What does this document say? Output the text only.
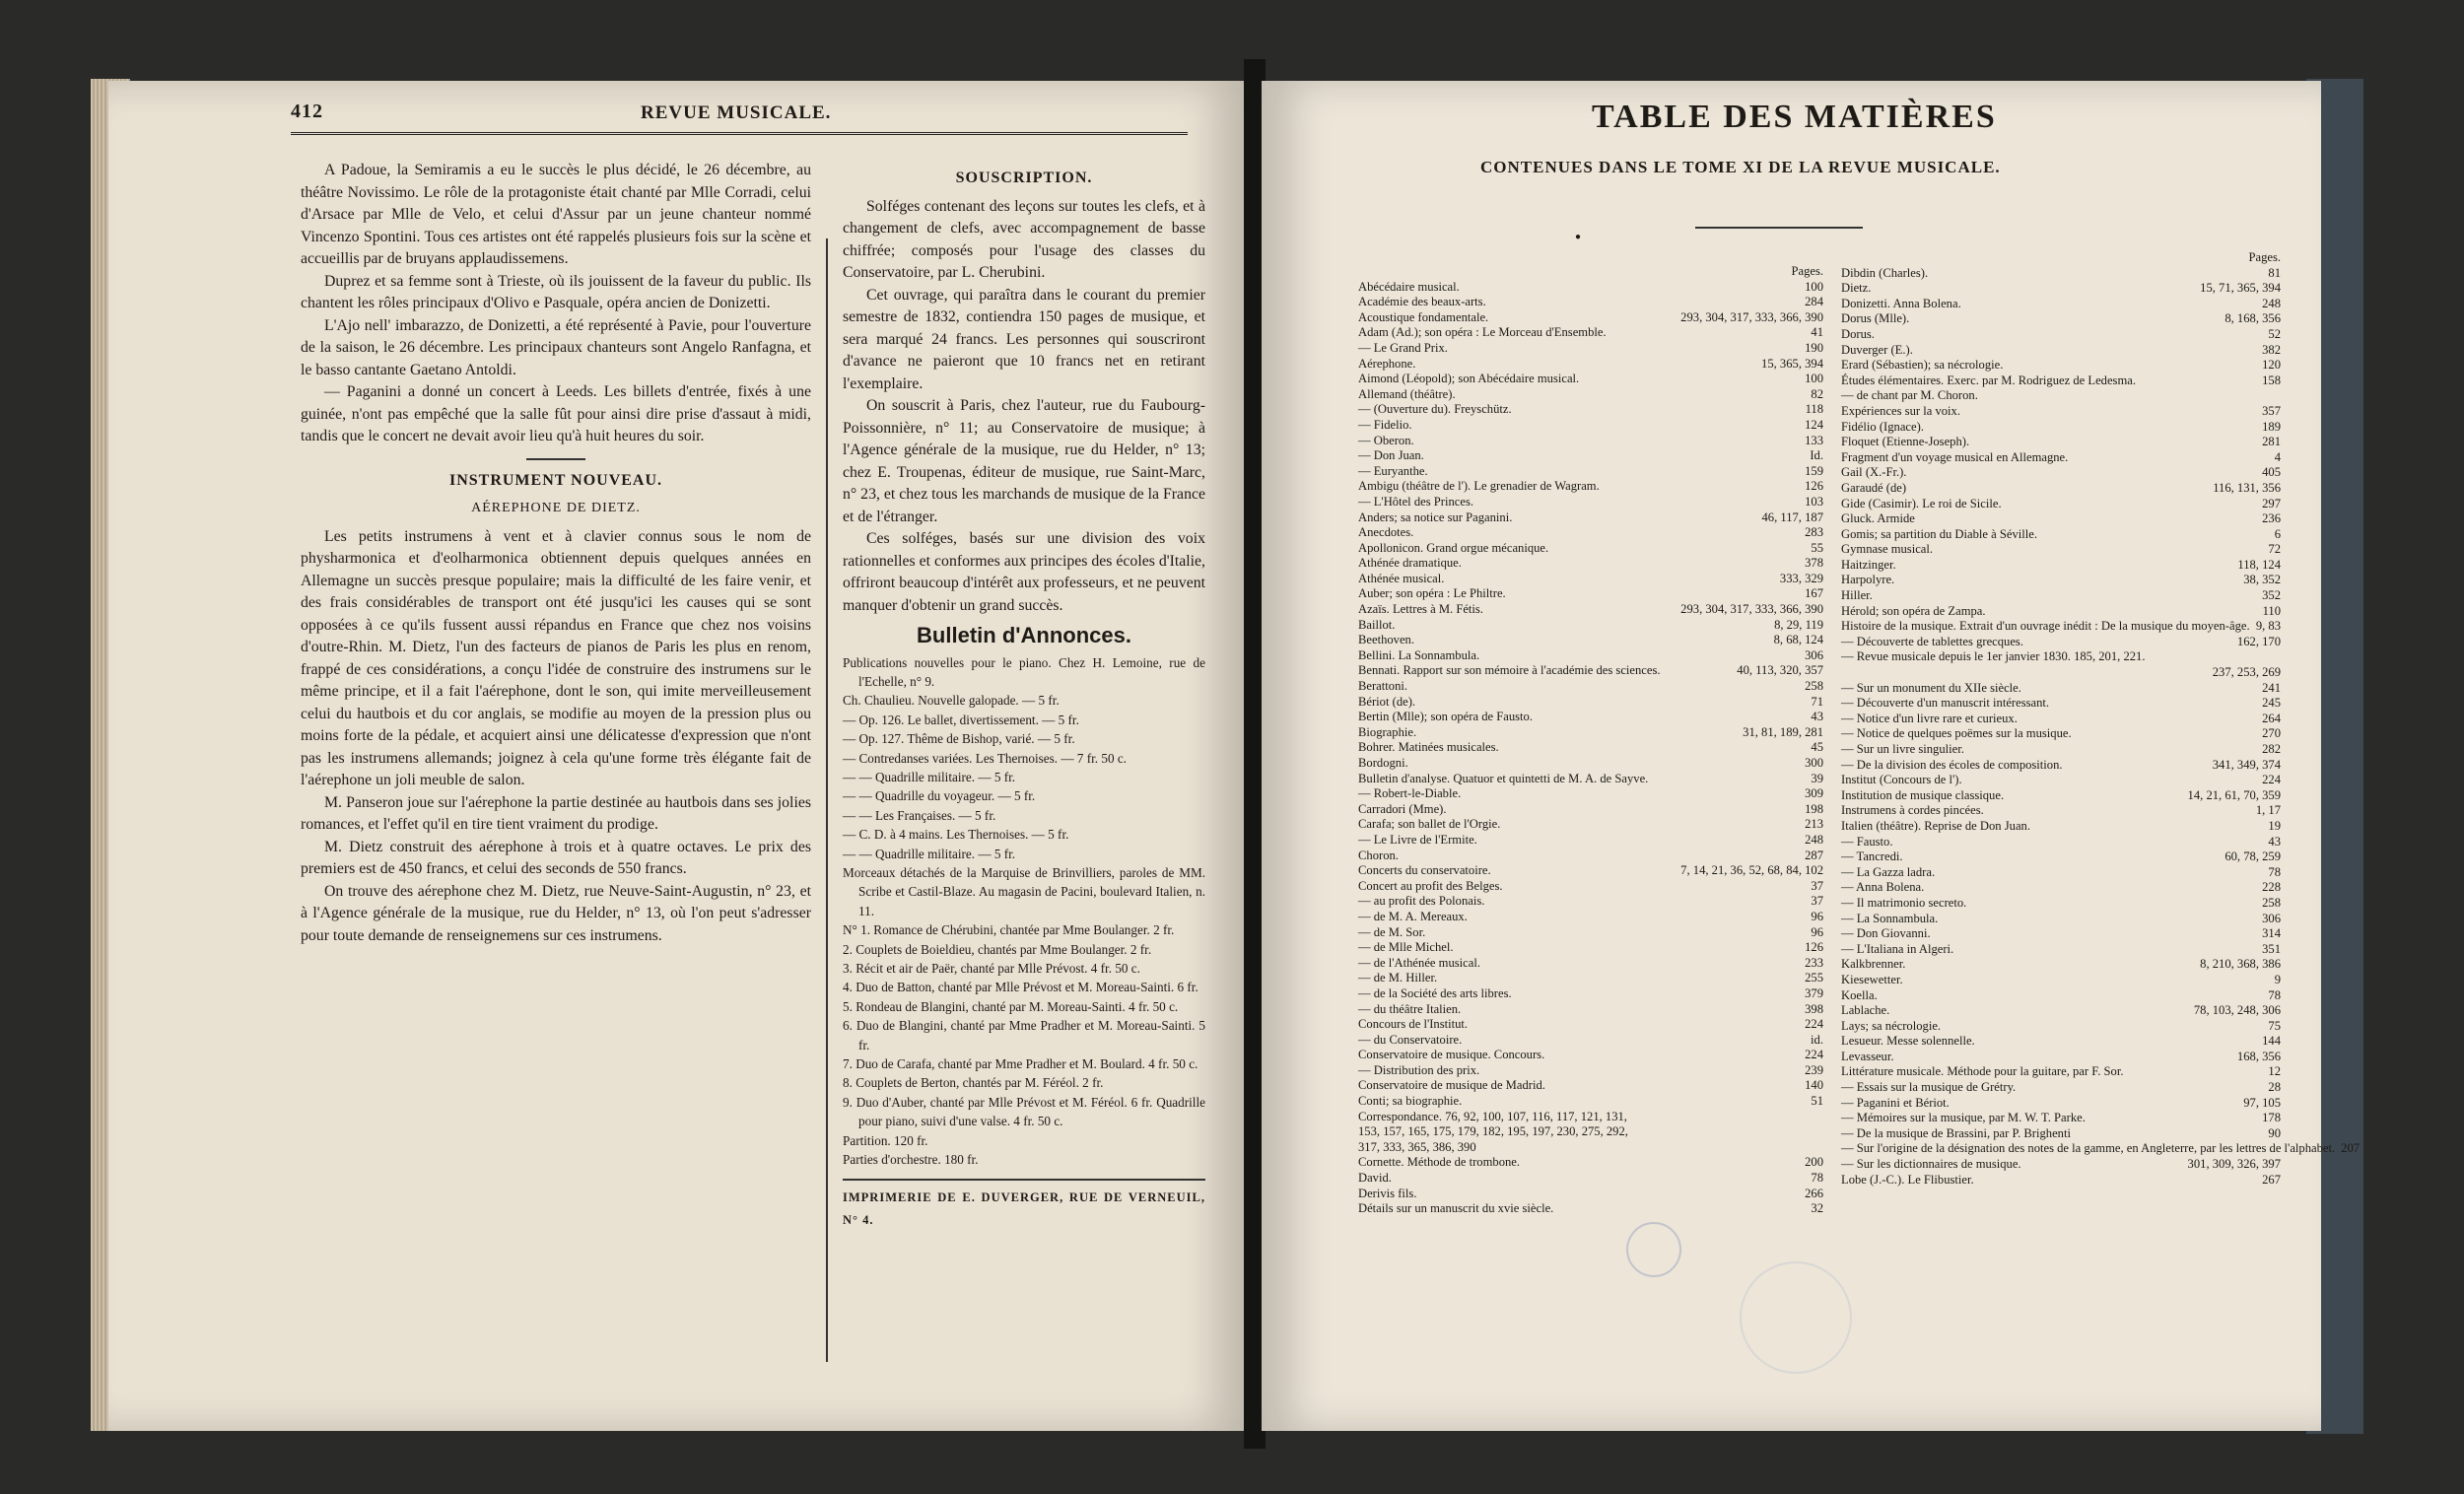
412	REVUE MUSICALE.

A Padoue, la Semiramis a eu le succès le plus décidé, le 26 décembre, au théâtre Novissimo. Le rôle de la protagoniste était chanté par Mlle Corradi, celui d'Arsace par Mlle de Velo, et celui d'Assur par un jeune chanteur nommé Vincenzo Spontini. Tous ces artistes ont été rappelés plusieurs fois sur la scène et accueillis par de bruyans applaudissemens.

Duprez et sa femme sont à Trieste, où ils jouissent de la faveur du public. Ils chantent les rôles principaux d'Olivo e Pasquale, opéra ancien de Donizetti.

L'Ajo nell' imbarazzo, de Donizetti, a été représenté à Pavie, pour l'ouverture de la saison, le 26 décembre. Les principaux chanteurs sont Angelo Ranfagna, et le basso cantante Gaetano Antoldi.

— Paganini a donné un concert à Leeds. Les billets d'entrée, fixés à une guinée, n'ont pas empêché que la salle fût pour ainsi dire prise d'assaut à midi, tandis que le concert ne devait avoir lieu qu'à huit heures du soir.

INSTRUMENT NOUVEAU.
AÉREPHONE DE DIETZ.

Les petits instrumens à vent et à clavier connus sous le nom de physharmonica et d'eolharmonica obtiennent depuis quelques années en Allemagne un succès presque populaire; mais la difficulté de les faire venir, et des frais considérables de transport ont été jusqu'ici les causes qui se sont opposées à ce qu'ils fussent aussi répandus en France que chez nos voisins d'outre-Rhin. M. Dietz, l'un des facteurs de pianos de Paris les plus en renom, frappé de ces considérations, a conçu l'idée de construire des instrumens sur le même principe, et il a fait l'aérephone, dont le son, qui imite merveilleusement celui du hautbois et du cor anglais, se modifie au moyen de la pression plus ou moins forte de la pédale, et acquiert ainsi une délicatesse d'expression que n'ont pas les instrumens allemands; joignez à cela qu'une forme très élégante fait de l'aérephone un joli meuble de salon.

M. Panseron joue sur l'aérephone la partie destinée au hautbois dans ses jolies romances, et l'effet qu'il en tire tient vraiment du prodige.

M. Dietz construit des aérephone à trois et à quatre octaves. Le prix des premiers est de 450 francs, et celui des seconds de 550 francs.

On trouve des aérephone chez M. Dietz, rue Neuve-Saint-Augustin, n° 23, et à l'Agence générale de la musique, rue du Helder, n° 13, où l'on peut s'adresser pour toute demande de renseignemens sur ces instrumens.

SOUSCRIPTION.

Solféges contenant des leçons sur toutes les clefs, et à changement de clefs, avec accompagnement de basse chiffrée; composés pour l'usage des classes du Conservatoire, par L. Cherubini.

Cet ouvrage, qui paraîtra dans le courant du premier semestre de 1832, contiendra 150 pages de musique, et sera marqué 24 francs. Les personnes qui souscriront d'avance ne paieront que 10 francs net en retirant l'exemplaire.

On souscrit à Paris, chez l'auteur, rue du Faubourg-Poissonnière, n° 11; au Conservatoire de musique; à l'Agence générale de la musique, rue du Helder, n° 13; chez E. Troupenas, éditeur de musique, rue Saint-Marc, n° 23, et chez tous les marchands de musique de la France et de l'étranger.

Ces solféges, basés sur une division des voix rationnelles et conformes aux principes des écoles d'Italie, offriront beaucoup d'intérêt aux professeurs, et ne peuvent manquer d'obtenir un grand succès.

Bulletin d'Annonces.
Publications nouvelles pour le piano. Chez H. Lemoine, rue de l'Echelle, n° 9.
Ch. Chaulieu. Nouvelle galopade. — 5 fr.
— Op. 126. Le ballet, divertissement. — 5 fr.
— Op. 127. Thême de Bishop, varié. — 5 fr.
— Contredanses variées. Les Thernoises. — 7 fr. 50 c.
— — Quadrille militaire. — 5 fr.
— — Quadrille du voyageur. — 5 fr.
— — Les Françaises. — 5 fr.
— C. D. à 4 mains. Les Thernoises. — 5 fr.
— — Quadrille militaire. — 5 fr.
Morceaux détachés de la Marquise de Brinvilliers, paroles de MM. Scribe et Castil-Blaze. Au magasin de Pacini, boulevard Italien, n. 11.
N° 1. Romance de Chérubini, chantée par Mme Boulanger. 2 fr.
2. Couplets de Boieldieu, chantés par Mme Boulanger. 2 fr.
3. Récit et air de Paër, chanté par Mlle Prévost. 4 fr. 50 c.
4. Duo de Batton, chanté par Mlle Prévost et M. Moreau-Sainti. 6 fr.
5. Rondeau de Blangini, chanté par M. Moreau-Sainti. 4 fr. 50 c.
6. Duo de Blangini, chanté par Mme Pradher et M. Moreau-Sainti. 5 fr.
7. Duo de Carafa, chanté par Mme Pradher et M. Boulard. 4 fr. 50 c.
8. Couplets de Berton, chantés par M. Féréol. 2 fr.
9. Duo d'Auber, chanté par Mlle Prévost et M. Féréol. 6 fr. Quadrille pour piano, suivi d'une valse. 4 fr. 50 c.
Partition. 120 fr.
Parties d'orchestre. 180 fr.
IMPRIMERIE DE E. DUVERGER, RUE DE VERNEUIL, N° 4.
TABLE DES MATIÈRES
CONTENUES DANS LE TOME XI DE LA REVUE MUSICALE.
●
Pages.
Abécédaire musical.	100
Académie des beaux-arts.	284
Acoustique fondamentale.	293, 304, 317, 333, 366, 390
Adam (Ad.); son opéra : Le Morceau d'Ensemble.	41
— Le Grand Prix.	190
Aérephone.	15, 365, 394
Aimond (Léopold); son Abécédaire musical.	100
Allemand (théâtre).	82
— (Ouverture du). Freyschütz.	118
— Fidelio.	124
— Oberon.	133
— Don Juan.	Id.
— Euryanthe.	159
Ambigu (théâtre de l'). Le grenadier de Wagram.	126
— L'Hôtel des Princes.	103
Anders; sa notice sur Paganini.	46, 117, 187
Anecdotes.	283
Apollonicon. Grand orgue mécanique.	55
Athénée dramatique.	378
Athénée musical.	333, 329
Auber; son opéra : Le Philtre.	167
Azaïs. Lettres à M. Fétis.	293, 304, 317, 333, 366, 390
Baillot.	8, 29, 119
Beethoven.	8, 68, 124
Bellini. La Sonnambula.	306
Bennati. Rapport sur son mémoire à l'académie des sciences.	40, 113, 320, 357
Berattoni.	258
Bériot (de).	71
Bertin (Mlle); son opéra de Fausto.	43
Biographie.	31, 81, 189, 281
Bohrer. Matinées musicales.	45
Bordogni.	300
Bulletin d'analyse. Quatuor et quintetti de M. A. de Sayve.	39
— Robert-le-Diable.	309
Carradori (Mme).	198
Carafa; son ballet de l'Orgie.	213
— Le Livre de l'Ermite.	248
Choron.	287
Concerts du conservatoire.	7, 14, 21, 36, 52, 68, 84, 102
Concert au profit des Belges.	37
— au profit des Polonais.	37
— de M. A. Mereaux.	96
— de M. Sor.	96
— de Mlle Michel.	126
— de l'Athénée musical.	233
— de M. Hiller.	255
— de la Société des arts libres.	379
— du théâtre Italien.	398
Concours de l'Institut.	224
— du Conservatoire.	id.
Conservatoire de musique. Concours.	224
— Distribution des prix.	239
Conservatoire de musique de Madrid.	140
Conti; sa biographie.	51
Correspondance. 76, 92, 100, 107, 116, 117, 121, 131,
153, 157, 165, 175, 179, 182, 195, 197, 230, 275, 292,
317, 333, 365, 386, 390
Cornette. Méthode de trombone.	200
David.	78
Derivis fils.	266
Détails sur un manuscrit du xvie siècle.	32
Pages.
Dibdin (Charles).	81
Dietz.	15, 71, 365, 394
Donizetti. Anna Bolena.	248
Dorus (Mlle).	8, 168, 356
Dorus.	52
Duverger (E.).	382
Erard (Sébastien); sa nécrologie.	120
Études élémentaires. Exerc. par M. Rodriguez de Ledesma.	158
— de chant par M. Choron.
Expériences sur la voix.	357
Fidélio (Ignace).	189
Floquet (Etienne-Joseph).	281
Fragment d'un voyage musical en Allemagne.	4
Gail (X.-Fr.).	405
Garaudé (de)	116, 131, 356
Gide (Casimir). Le roi de Sicile.	297
Gluck. Armide	236
Gomis; sa partition du Diable à Séville.	6
Gymnase musical.	72
Haitzinger.	118, 124
Harpolyre.	38, 352
Hiller.	352
Hérold; son opéra de Zampa.	110
Histoire de la musique. Extrait d'un ouvrage inédit : De la musique du moyen-âge. 9, 83
— Découverte de tablettes grecques.	162, 170
— Revue musicale depuis le 1er janvier 1830. 185, 201, 221.
237, 253, 269
— Sur un monument du XIIe siècle.	241
— Découverte d'un manuscrit intéressant.	245
— Notice d'un livre rare et curieux.	264
— Notice de quelques poëmes sur la musique.	270
— Sur un livre singulier.	282
— De la division des écoles de composition.	341, 349, 374
Institut (Concours de l').	224
Institution de musique classique.	14, 21, 61, 70, 359
Instrumens à cordes pincées.	1, 17
Italien (théâtre). Reprise de Don Juan.	19
— Fausto.	43
— Tancredi.	60, 78, 259
— La Gazza ladra.	78
— Anna Bolena.	228
— Il matrimonio secreto.	258
— La Sonnambula.	306
— Don Giovanni.	314
— L'Italiana in Algeri.	351
Kalkbrenner.	8, 210, 368, 386
Kiesewetter.	9
Koella.	78
Lablache.	78, 103, 248, 306
Lays; sa nécrologie.	75
Lesueur. Messe solennelle.	144
Levasseur.	168, 356
Littérature musicale. Méthode pour la guitare, par F. Sor.	12
— Essais sur la musique de Grétry.	28
— Paganini et Bériot.	97, 105
— Mémoires sur la musique, par M. W. T. Parke.	178
— De la musique de Brassini, par P. Brighenti	90
— Sur l'origine de la désignation des notes de la gamme, en Angleterre, par les lettres de l'alphabet. 207
— Sur les dictionnaires de musique.	301, 309, 326, 397
Lobe (J.-C.). Le Flibustier.	267
